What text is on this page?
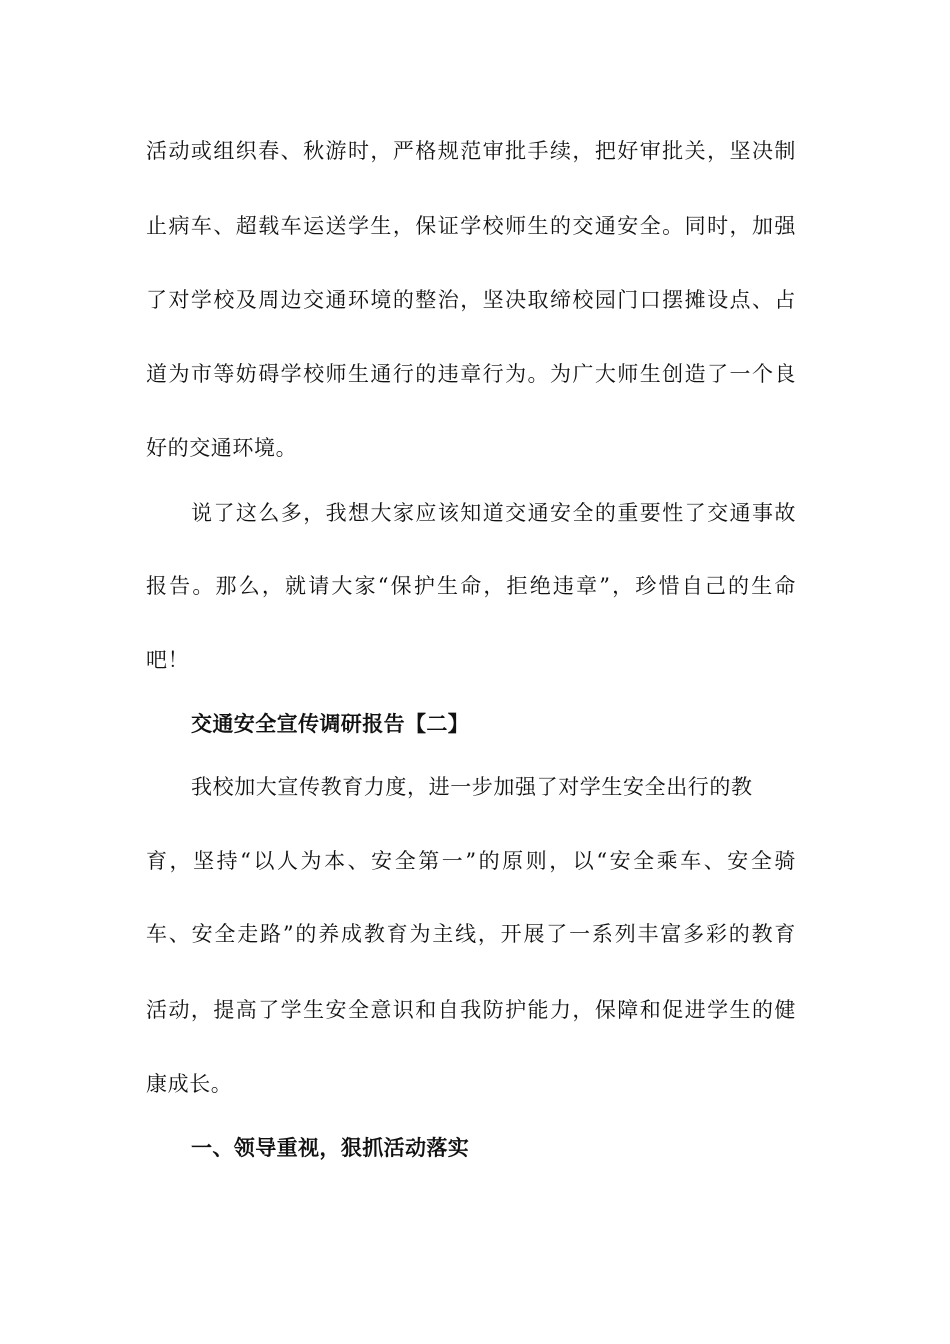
活动或组织春、秋游时，严格规范审批手续，把好审批关，坚决制
止病车、超载车运送学生，保证学校师生的交通安全。同时，加强
了对学校及周边交通环境的整治，坚决取缔校园门口摆摊设点、占
道为市等妨碍学校师生通行的违章行为。为广大师生创造了一个良
好的交通环境。
说了这么多，我想大家应该知道交通安全的重要性了交通事故
报告。那么，就请大家“保护生命，拒绝违章”，珍惜自己的生命
吧！
交通安全宣传调研报告【二】
我校加大宣传教育力度，进一步加强了对学生安全出行的教
育，坚持“以人为本、安全第一”的原则，以“安全乘车、安全骑
车、安全走路”的养成教育为主线，开展了一系列丰富多彩的教育
活动，提高了学生安全意识和自我防护能力，保障和促进学生的健
康成长。
一、领导重视，狠抓活动落实
